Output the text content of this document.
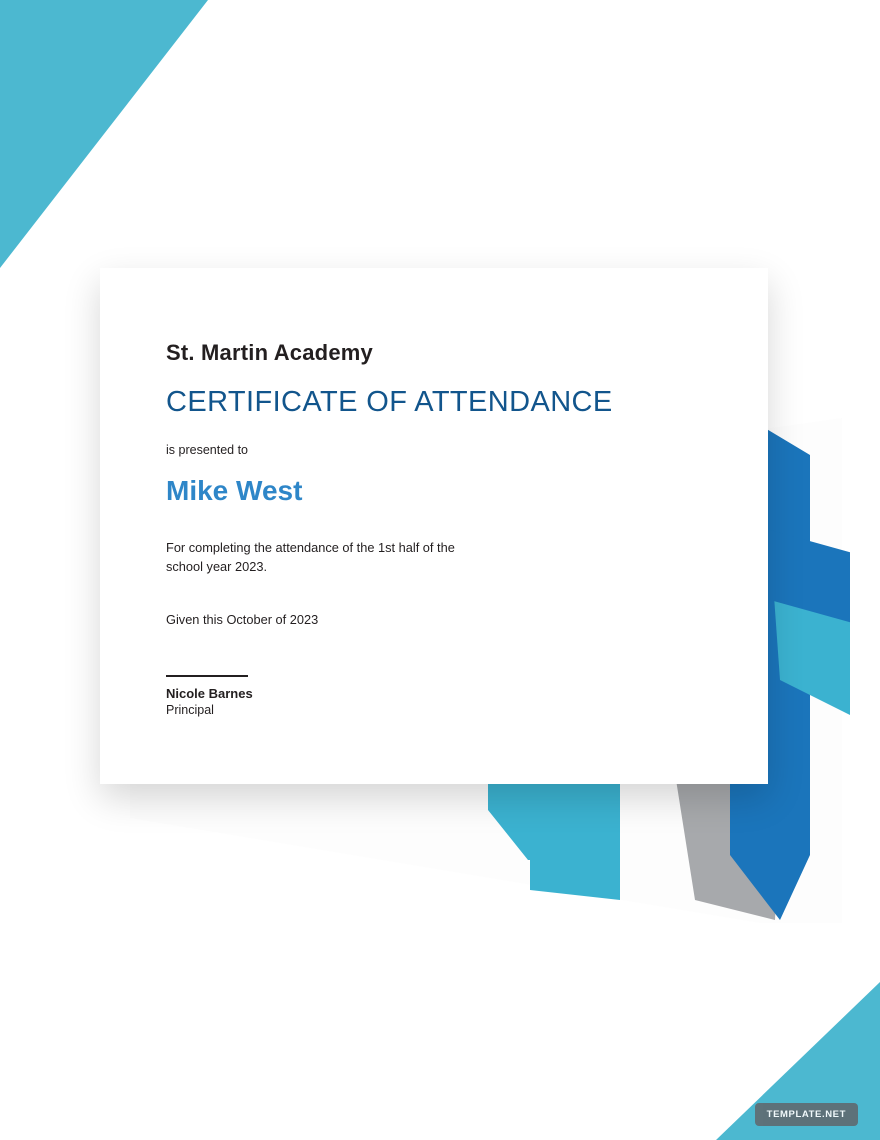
St. Martin Academy
CERTIFICATE OF ATTENDANCE
is presented to
Mike West
For completing the attendance of the 1st half of the school year 2023.
Given this October of 2023
Nicole Barnes
Principal
TEMPLATE.NET
